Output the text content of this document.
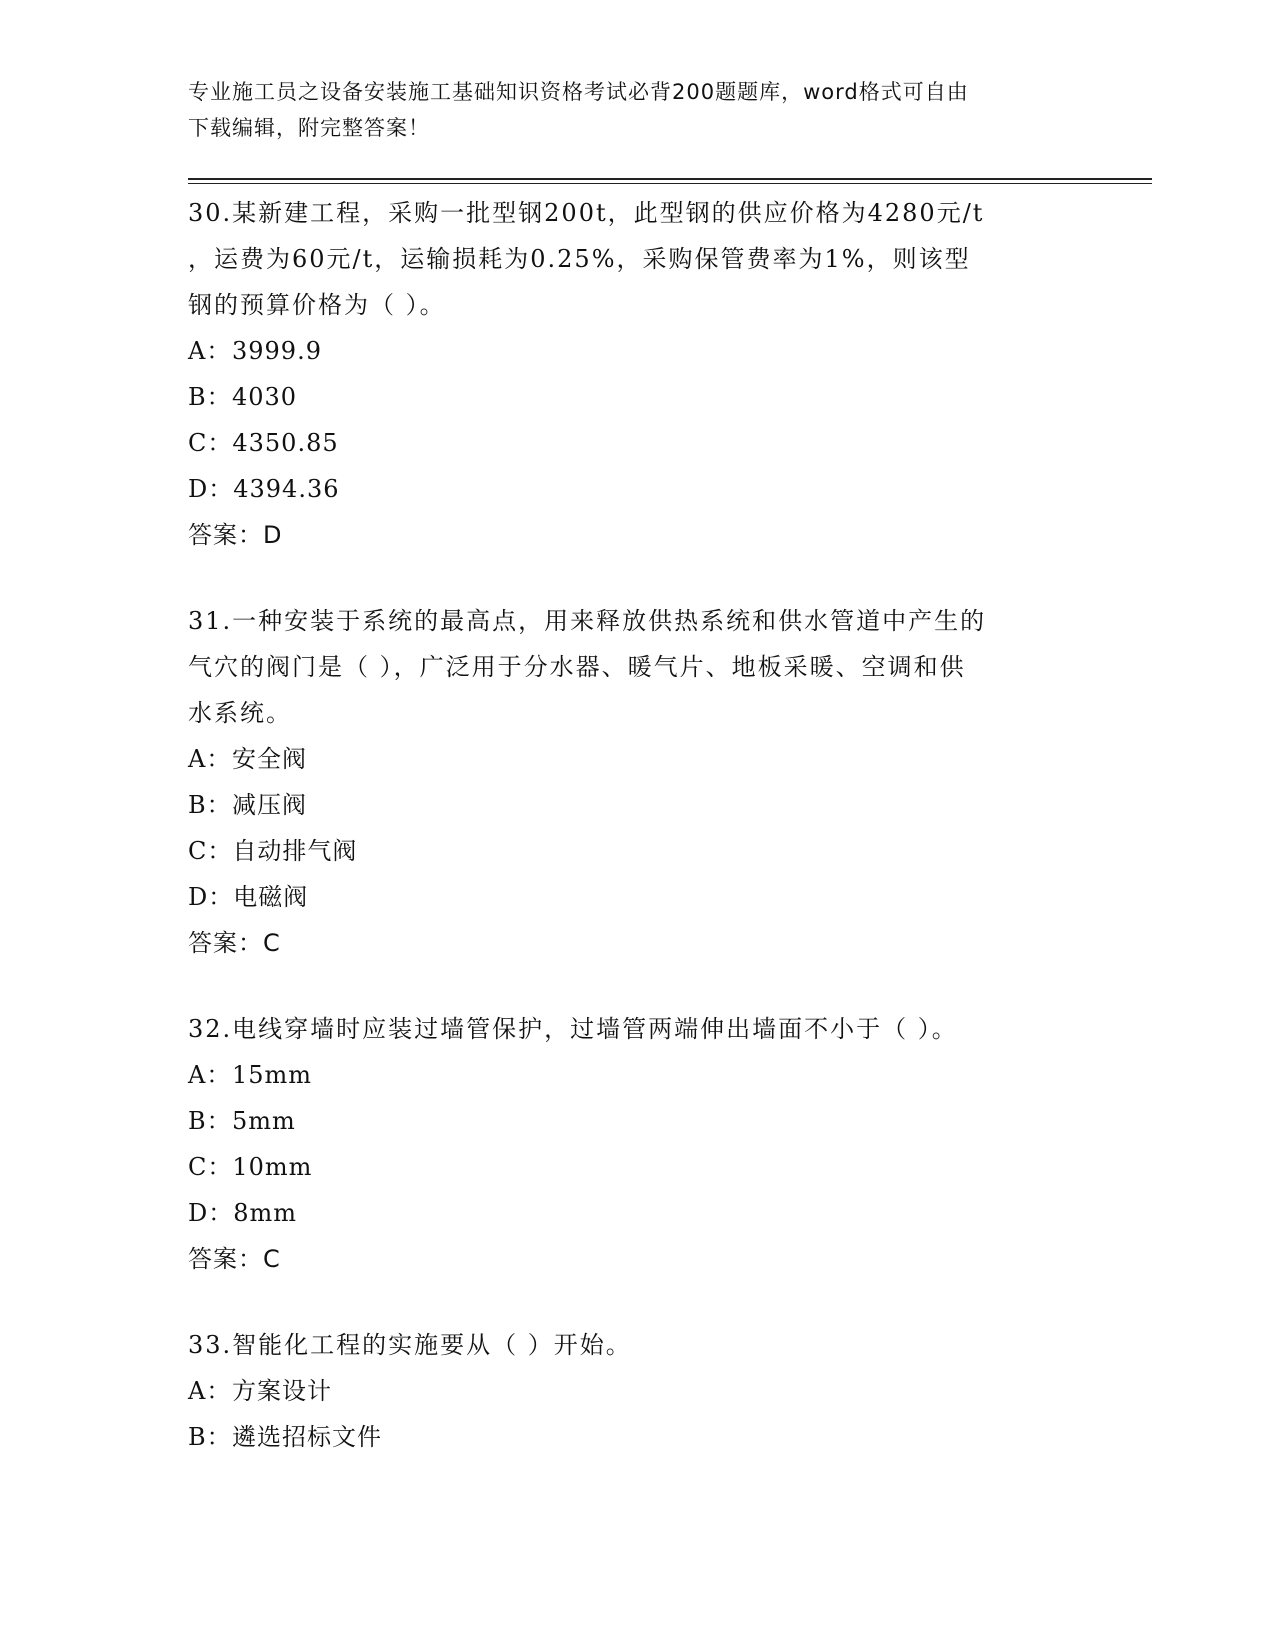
专业施工员之设备安装施工基础知识资格考试必背200题题库，word格式可自由
下载编辑，附完整答案！

30.某新建工程，采购一批型钢200t，此型钢的供应价格为4280元/t

，运费为60元/t，运输损耗为0.25%，采购保管费率为1%，则该型

钢的预算价格为（ ）。

A：3999.9

B：4030

C：4350.85

D：4394.36

答案：D

31.一种安装于系统的最高点，用来释放供热系统和供水管道中产生的

气穴的阀门是（ ），广泛用于分水器、暖气片、地板采暖、空调和供

水系统。

A：安全阀

B：减压阀

C：自动排气阀

D：电磁阀

答案：C

32.电线穿墙时应装过墙管保护，过墙管两端伸出墙面不小于（ ）。

A：15mm

B：5mm

C：10mm

D：8mm

答案：C

33.智能化工程的实施要从（ ）开始。

A：方案设计

B：遴选招标文件
